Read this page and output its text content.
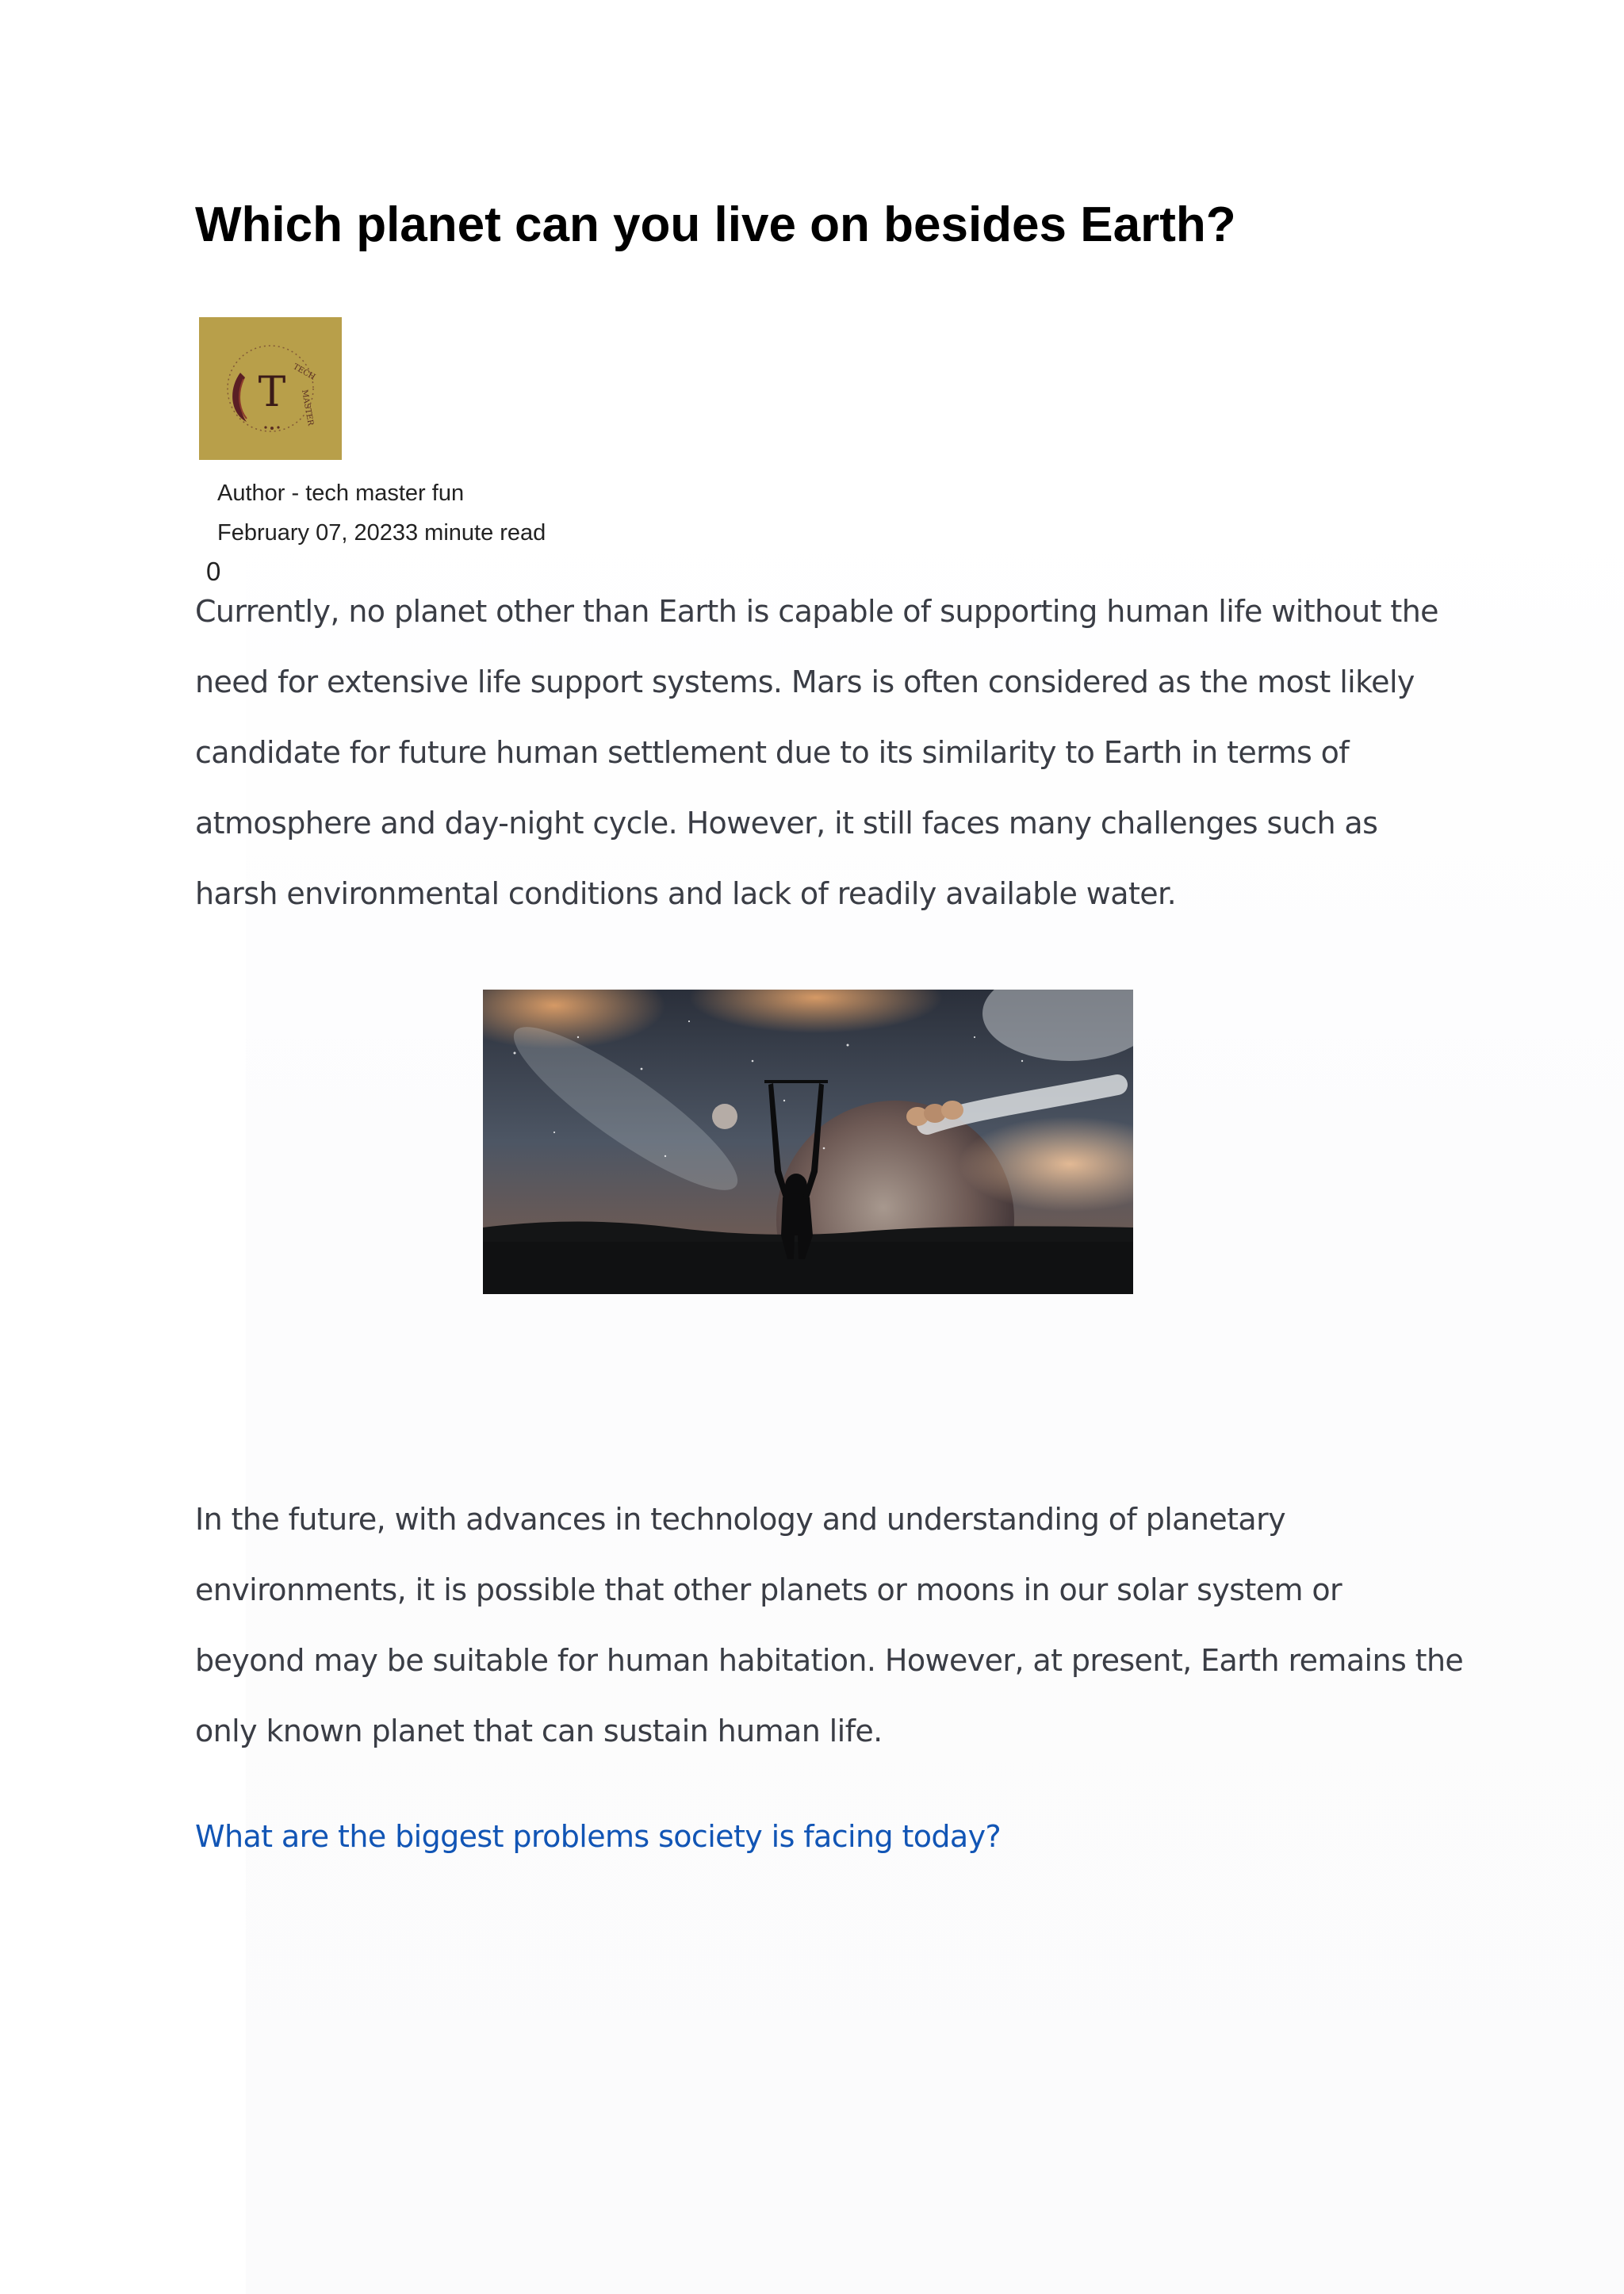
Which planet can you live on besides Earth?
T TECH
MASTER
Author - tech master fun
February 07, 20233 minute read
0

Currently, no planet other than Earth is capable of supporting human life without the
need for extensive life support systems. Mars is often considered as the most likely
candidate for future human settlement due to its similarity to Earth in terms of
atmosphere and day-night cycle. However, it still faces many challenges such as
harsh environmental conditions and lack of readily available water.

In the future, with advances in technology and understanding of planetary
environments, it is possible that other planets or moons in our solar system or
beyond may be suitable for human habitation. However, at present, Earth remains the
only known planet that can sustain human life.

What are the biggest problems society is facing today?
